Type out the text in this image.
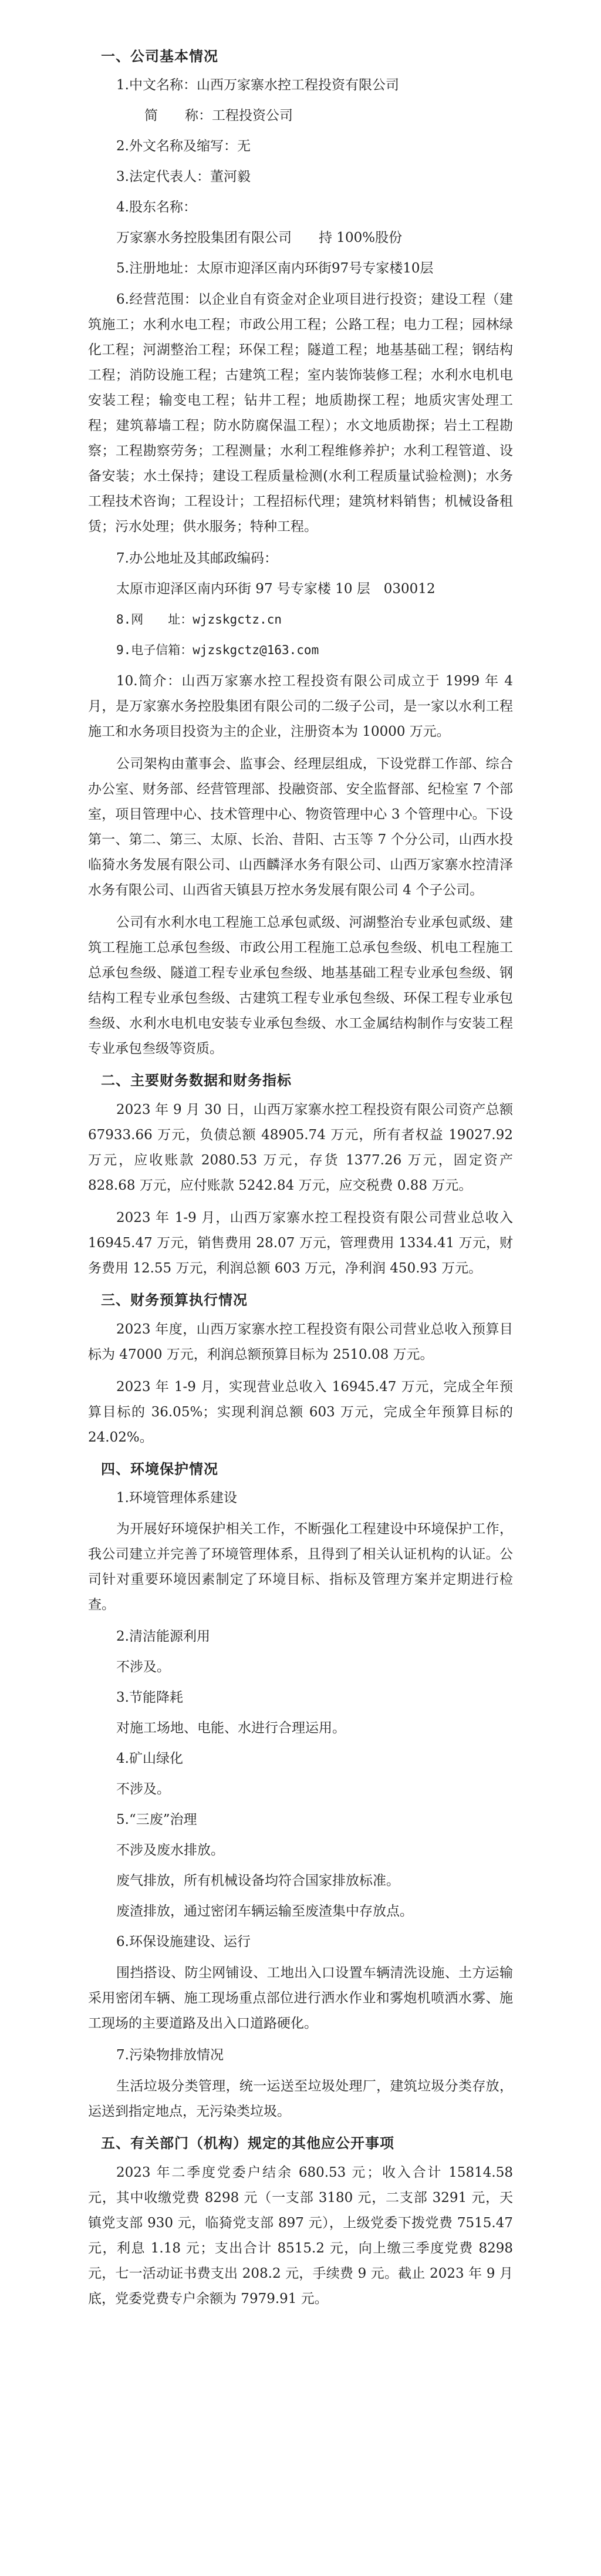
一、公司基本情况
1.中文名称：山西万家寨水控工程投资有限公司
简　　称：工程投资公司
2.外文名称及缩写：无
3.法定代表人：董河毅
4.股东名称：
万家寨水务控股集团有限公司　　持 100%股份
5.注册地址：太原市迎泽区南内环街97号专家楼10层
6.经营范围：以企业自有资金对企业项目进行投资；建设工程（建筑施工；水利水电工程；市政公用工程；公路工程；电力工程；园林绿化工程；河湖整治工程；环保工程；隧道工程；地基基础工程；钢结构工程；消防设施工程；古建筑工程；室内装饰装修工程；水利水电机电安装工程；输变电工程；钻井工程；地质勘探工程；地质灾害处理工程；建筑幕墙工程；防水防腐保温工程）；水文地质勘探；岩土工程勘察；工程勘察劳务；工程测量；水利工程维修养护；水利工程管道、设备安装；水土保持；建设工程质量检测(水利工程质量试验检测)；水务工程技术咨询；工程设计；工程招标代理；建筑材料销售；机械设备租赁；污水处理；供水服务；特种工程。
7.办公地址及其邮政编码：
太原市迎泽区南内环街 97 号专家楼 10 层　030012
8.网　　址：wjzskgctz.cn
9.电子信箱：wjzskgctz@163.com
10.简介：山西万家寨水控工程投资有限公司成立于 1999 年 4 月，是万家寨水务控股集团有限公司的二级子公司，是一家以水利工程施工和水务项目投资为主的企业，注册资本为 10000 万元。
公司架构由董事会、监事会、经理层组成，下设党群工作部、综合办公室、财务部、经营管理部、投融资部、安全监督部、纪检室 7 个部室，项目管理中心、技术管理中心、物资管理中心 3 个管理中心。下设第一、第二、第三、太原、长治、昔阳、古玉等 7 个分公司，山西水投临猗水务发展有限公司、山西麟泽水务有限公司、山西万家寨水控清泽水务有限公司、山西省天镇县万控水务发展有限公司 4 个子公司。
公司有水利水电工程施工总承包贰级、河湖整治专业承包贰级、建筑工程施工总承包叁级、市政公用工程施工总承包叁级、机电工程施工总承包叁级、隧道工程专业承包叁级、地基基础工程专业承包叁级、钢结构工程专业承包叁级、古建筑工程专业承包叁级、环保工程专业承包叁级、水利水电机电安装专业承包叁级、水工金属结构制作与安装工程专业承包叁级等资质。
二、主要财务数据和财务指标
2023 年 9 月 30 日，山西万家寨水控工程投资有限公司资产总额 67933.66 万元，负债总额 48905.74 万元，所有者权益 19027.92 万元，应收账款 2080.53 万元，存货 1377.26 万元，固定资产 828.68 万元，应付账款 5242.84 万元，应交税费 0.88 万元。
2023 年 1-9 月，山西万家寨水控工程投资有限公司营业总收入 16945.47 万元，销售费用 28.07 万元，管理费用 1334.41 万元，财务费用 12.55 万元，利润总额 603 万元，净利润 450.93 万元。
三、财务预算执行情况
2023 年度，山西万家寨水控工程投资有限公司营业总收入预算目标为 47000 万元，利润总额预算目标为 2510.08 万元。
2023 年 1-9 月，实现营业总收入 16945.47 万元，完成全年预算目标的 36.05%；实现利润总额 603 万元，完成全年预算目标的 24.02%。
四、环境保护情况
1.环境管理体系建设
为开展好环境保护相关工作，不断强化工程建设中环境保护工作，我公司建立并完善了环境管理体系，且得到了相关认证机构的认证。公司针对重要环境因素制定了环境目标、指标及管理方案并定期进行检查。
2.清洁能源利用
不涉及。
3.节能降耗
对施工场地、电能、水进行合理运用。
4.矿山绿化
不涉及。
5.“三废”治理
不涉及废水排放。
废气排放，所有机械设备均符合国家排放标准。
废渣排放，通过密闭车辆运输至废渣集中存放点。
6.环保设施建设、运行
围挡搭设、防尘网铺设、工地出入口设置车辆清洗设施、土方运输采用密闭车辆、施工现场重点部位进行洒水作业和雾炮机喷洒水雾、施工现场的主要道路及出入口道路硬化。
7.污染物排放情况
生活垃圾分类管理，统一运送至垃圾处理厂，建筑垃圾分类存放，运送到指定地点，无污染类垃圾。
五、有关部门（机构）规定的其他应公开事项
2023 年二季度党委户结余 680.53 元；收入合计 15814.58 元，其中收缴党费 8298 元（一支部 3180 元，二支部 3291 元，天镇党支部 930 元，临猗党支部 897 元），上级党委下拨党费 7515.47 元，利息 1.18 元；支出合计 8515.2 元，向上缴三季度党费 8298 元，七一活动证书费支出 208.2 元，手续费 9 元。截止 2023 年 9 月底，党委党费专户余额为 7979.91 元。
